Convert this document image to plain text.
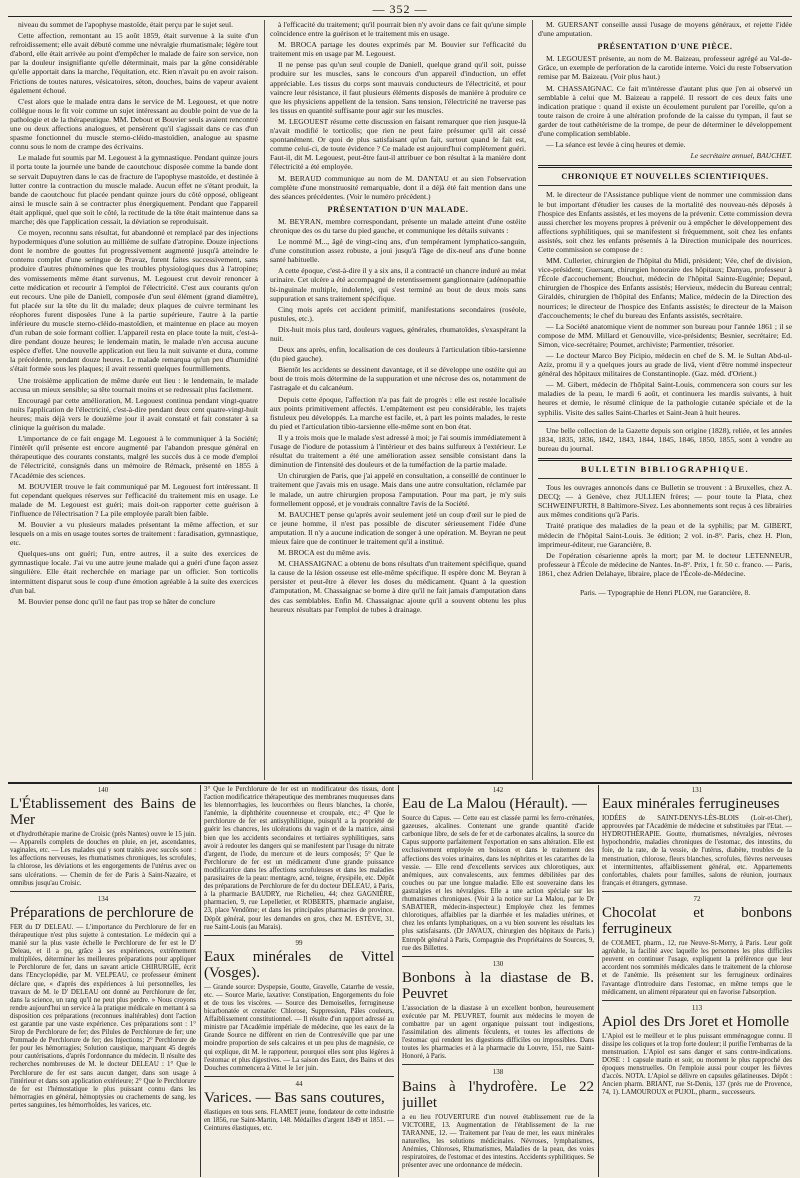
— 352 —

niveau du sommet de l'apophyse mastoïde, était perçu par le sujet seul.

Cette affection, remontant au 15 août 1859, était survenue à la suite d'un refroidissement; elle avait débuté comme une névralgie rhumatismale; légère tout d'abord, elle était arrivée au point d'empêcher le malade de faire son service, non par la douleur insignifiante qu'elle déterminait, mais par la gêne considérable qu'elle apportait dans la marche, l'équitation, etc. Rien n'avait pu en avoir raison. Frictions de toutes natures, vésicatoires, séton, douches, bains de vapeur avaient également échoué.

C'est alors que le malade entra dans le service de M. Legouest, et que notre collègue nous le fit voir comme un sujet intéressant au double point de vue de la pathologie et de la thérapeutique. MM. Debout et Bouvier seuls avaient rencontré une ou deux affections analogues, et pensèrent qu'il s'agissait dans ce cas d'un spasme fonctionnel du muscle sterno-cléido-mastoïdien, analogue au spasme connu sous le nom de crampe des écrivains.

Le malade fut soumis par M. Legouest à la gymnastique. Pendant quinze jours il porta toute la journée une bande de caoutchouc disposée comme la bande dont se servait Dupuytren dans le cas de fracture de l'apophyse mastoïde, et destinée à lutter contre la contraction du muscle malade. Aucun effet ne s'étant produit, la bande de caoutchouc fut placée pendant quinze jours du côté opposé, obligeant ainsi le muscle sain à se contracter plus énergiquement. Pendant que l'appareil était appliqué, quel que soit le côté, la rectitude de la tête était maintenue dans sa marche; dès que l'application cessait, la déviation se reproduisait.

Ce moyen, reconnu sans résultat, fut abandonné et remplacé par des injections hypodermiques d'une solution au millième de sulfate d'atropine. Douze injections dont le nombre de gouttes fut progressivement augmenté jusqu'à atteindre le contenu complet d'une seringue de Pravaz, furent faites successivement, sans produire d'autres phénomènes que les troubles physiologiques dus à l'atropine; des vomissements même étant survenus, M. Legouest crut devoir renoncer à cette médication et recourir à l'emploi de l'électricité. C'est aux courants qu'on eut recours. Une pile de Daniell, composée d'un seul élément (grand diamètre), fut placée sur la tête du lit du malade; deux plaques de cuivre terminant les réophores furent disposées l'une à la partie supérieure, l'autre à la partie inférieure du muscle sterno-cléido-mastoïdien, et maintenue en place au moyen d'un ruban de soie formant collier. L'appareil resta en place toute la nuit, c'est-à-dire pendant douze heures; le lendemain matin, le malade n'en accusa aucune espèce d'effet. Une nouvelle application eut lieu la nuit suivante et dura, comme la précédente, pendant douze heures. Le malade remarqua qu'un peu d'humidité s'était formée sous les plaques; il avait ressenti quelques fourmillements.

Une troisième application de même durée eut lieu : le lendemain, le malade accusa un mieux sensible; sa tête tournait moins et se redressait plus facilement.

Encouragé par cette amélioration, M. Legouest continua pendant vingt-quatre nuits l'application de l'électricité, c'est-à-dire pendant deux cent quatre-vingt-huit heures; mais déjà vers le douzième jour il avait constaté et fait constater à sa clinique la guérison du malade.

L'importance de ce fait engage M. Legouest à le communiquer à la Société; l'intérêt qu'il présente est encore augmenté par l'abandon presque général en thérapeutique des courants constants, malgré les succès dus à ce mode d'emploi de l'électricité, consignés dans un mémoire de Rémack, présenté en 1855 à l'Académie des sciences.

M. BOUVIER trouve le fait communiqué par M. Legouest fort intéressant. Il fut cependant quelques réserves sur l'efficacité du traitement mis en usage. Le malade de M. Legouest est guéri; mais doit-on rapporter cette guérison à l'influence de l'électrisation ? La pile employée paraît bien faible.

M. Bouvier a vu plusieurs malades présentant la même affection, et sur lesquels on a mis en usage toutes sortes de traitement : faradisation, gymnastique, etc.

Quelques-uns ont guéri; l'un, entre autres, il a suite des exercices de gymnastique locale. J'ai vu une autre jeune malade qui a guéri d'une façon assez singulière. Elle était recherchée en mariage par un officier. Son torticolis intermittent disparut sous le coup d'une émotion agréable à la suite des exercices d'un bal.

M. Bouvier pense donc qu'il ne faut pas trop se hâter de conclure

à l'efficacité du traitement; qu'il pourrait bien n'y avoir dans ce fait qu'une simple coïncidence entre la guérison et le traitement mis en usage.

M. BROCA partage les doutes exprimés par M. Bouvier sur l'efficacité du traitement mis en usage par M. Legouest.

Il ne pense pas qu'un seul couple de Daniell, quelque grand qu'il soit, puisse produire sur les muscles, sans le concours d'un appareil d'induction, un effet appréciable. Les tissus du corps sont mauvais conducteurs de l'électricité, et pour vaincre leur résistance, il faut plusieurs éléments disposés de manière à produire ce que les physiciens appellent de la tension. Sans tension, l'électricité ne traverse pas les tissus en quantité suffisante pour agir sur les muscles.

M. LEGOUEST résume cette discussion en faisant remarquer que rien jusque-là n'avait modifié le torticolis; que rien ne peut faire présumer qu'il ait cessé spontanément. Or quoi de plus satisfaisant qu'un fait, surtout quand le fait est, comme celui-ci, de toute évidence ? Ce malade est aujourd'hui complètement guéri. Faut-il, dit M. Legouest, peut-être faut-il attribuer ce bon résultat à la manière dont l'électricité a été employée.

M. BERAUD communique au nom de M. DANTAU et au sien l'observation complète d'une monstruosité remarquable, dont il a déjà été fait mention dans une des séances précédentes. (Voir le numéro précédent.)

PRÉSENTATION D'UN MALADE.

M. BEYRAN, membre correspondant, présente un malade atteint d'une ostéite chronique des os du tarse du pied gauche, et communique les détails suivants :

Le nommé M..., âgé de vingt-cinq ans, d'un tempérament lymphatico-sanguin, d'une constitution assez robuste, a joui jusqu'à l'âge de dix-neuf ans d'une bonne santé habituelle.

A cette époque, c'est-à-dire il y a six ans, il a contracté un chancre induré au méat urinaire. Cet ulcère a été accompagné de retentissement ganglionnaire (adénopathie bi-inguinale multiple, indolente), qui s'est terminé au bout de deux mois sans suppuration et sans traitement spécifique.

Cinq mois après cet accident primitif, manifestations secondaires (roséole, pustules, etc.).

Dix-huit mois plus tard, douleurs vagues, générales, rhumatoïdes, s'exaspérant la nuit.

Deux ans après, enfin, localisation de ces douleurs à l'articulation tibio-tarsienne (du pied gauche).

Bientôt les accidents se dessinent davantage, et il se développe une ostéite qui au bout de trois mois détermine de la suppuration et une nécrose des os, notamment de l'astragale et du calcanéum.

Depuis cette époque, l'affection n'a pas fait de progrès : elle est restée localisée aux points primitivement affectés. L'empâtement est peu considérable, les trajets fistuleux peu développés. La marche est facile, et, à part les points malades, le reste du pied et l'articulation tibio-tarsienne elle-même sont en bon état.

Il y a trois mois que le malade s'est adressé à moi; je l'ai soumis immédiatement à l'usage de l'iodure de potassium à l'intérieur et des bains sulfureux à l'extérieur. Le résultat du traitement a été une amélioration assez sensible consistant dans la diminution de l'intensité des douleurs et de la tuméfaction de la partie malade.

Un chirurgien de Paris, que j'ai appelé en consultation, a conseillé de continuer le traitement que j'avais mis en usage. Mais dans une autre consultation, réclamée par le malade, un autre chirurgien proposa l'amputation. Pour ma part, je m'y suis formellement opposé, et je voudrais connaître l'avis de la Société.

M. BAUCHET pense qu'après avoir seulement jeté un coup d'œil sur le pied de ce jeune homme, il n'est pas possible de discuter sérieusement l'idée d'une amputation. Il n'y a aucune indication de songer à une opération. M. Beyran ne peut mieux faire que de continuer le traitement qu'il a institué.

M. BROCA est du même avis.

M. CHASSAIGNAC a obtenu de bons résultats d'un traitement spécifique, quand la cause de la lésion osseuse est elle-même spécifique. Il espère donc M. Beyran à persister et peut-être à élever les doses du médicament. Quant à la question d'amputation, M. Chassaignac se borne à dire qu'il ne fait jamais d'amputation dans des cas semblables. Enfin M. Chassaignac ajoute qu'il a souvent obtenu les plus heureux résultats par l'emploi de tubes à drainage.

M. GUERSANT conseille aussi l'usage de moyens généraux, et rejette l'idée d'une amputation.

PRÉSENTATION D'UNE PIÈCE.

M. LEGOUEST présente, au nom de M. Baizeau, professeur agrégé au Val-de-Grâce, un exemple de perforation de la carotide interne. Voici du reste l'observation remise par M. Baizeau. (Voir plus haut.)

M. CHASSAIGNAC. Ce fait m'intéresse d'autant plus que j'en ai observé un semblable à celui que M. Baizeau a rappelé. Il ressort de ces deux faits une indication pratique : quand il existe un écoulement purulent par l'oreille, qu'on a toute raison de croire à une altération profonde de la caisse du tympan, il faut se garder de tout cathétérisme de la trompe, de peur de déterminer le développement d'une complication semblable.

— La séance est levée à cinq heures et demie.

Le secrétaire annuel, BAUCHET.
CHRONIQUE ET NOUVELLES SCIENTIFIQUES.

M. le directeur de l'Assistance publique vient de nommer une commission dans le but important d'étudier les causes de la mortalité des nouveau-nés déposés à l'hospice des Enfants assistés, et les moyens de la prévenir. Cette commission devra aussi chercher les moyens propres à prévenir ou à empêcher le développement des affections syphilitiques, qui se manifestent si fréquemment, soit chez les enfants assistés, soit chez les enfants présentés à la Direction municipale des nourrices. Cette commission se compose de :

MM. Cullerier, chirurgien de l'hôpital du Midi, président; Vée, chef de division, vice-président; Guersant, chirurgien honoraire des hôpitaux; Danyau, professeur à l'École d'accouchement; Bouchut, médecin de l'hôpital Sainte-Eugénie; Depaul, chirurgien de l'hospice des Enfants assistés; Hervieux, médecin du Bureau central; Giraldès, chirurgien de l'hôpital des Enfants; Malice, médecin de la Direction des nourrices; le directeur de l'hospice des Enfants assistés; le directeur de la Maison d'accouchements; le chef du bureau des Enfants assistés, secrétaire.

— La Société anatomique vient de nommer son bureau pour l'année 1861 ; il se compose de MM. Millard et Genouville, vice-présidents; Besnier, secrétaire; Ed. Simon, vice-secrétaire; Poumet, archiviste; Parmentier, trésorier.

— Le docteur Marco Bey Picipio, médecin en chef de S. M. le Sultan Abd-ul-Aziz, promu il y a quelques jours au grade de livâ, vient d'être nommé inspecteur général des hôpitaux militaires de Constantinople. (Gaz. méd. d'Orient.)

— M. Gibert, médecin de l'hôpital Saint-Louis, commencera son cours sur les maladies de la peau, le mardi 6 août, et continuera les mardis suivants, à huit heures et demie, le résumé clinique de la pathologie cutanée spéciale et de la syphilis. Visite des salles Saint-Charles et Saint-Jean à huit heures.

Une belle collection de la Gazette depuis son origine (1828), reliée, et les années 1834, 1835, 1836, 1842, 1843, 1844, 1845, 1846, 1850, 1855, sont à vendre au bureau du journal.

BULLETIN BIBLIOGRAPHIQUE.

Tous les ouvrages annoncés dans ce Bulletin se trouvent : à Bruxelles, chez A. DECQ; — à Genève, chez JULLIEN frères; — pour toute la Plata, chez SCHWEINFURTH, 8 Baltimore-Sivez. Les abonnements sont reçus à ces librairies aux mêmes conditions qu'à Paris.

Traité pratique des maladies de la peau et de la syphilis; par M. GIBERT, médecin de l'hôpital Saint-Louis. 3e édition; 2 vol. in-8°. Paris, chez H. Plon, imprimeur-éditeur, rue Garancière, 8.

De l'opération césarienne après la mort; par M. le docteur LETENNEUR, professeur à l'École de médecine de Nantes. In-8°. Prix, 1 fr. 50 c. franco. — Paris, 1861, chez Adrien Delahaye, libraire, place de l'École-de-Médecine.

Paris. — Typographie de Henri PLON, rue Garancière, 8.
140
L'Établissement des Bains de Mer

et d'hydrothérapie marine de Croisic (près Nantes) ouvre le 15 juin. — Appareils complets de douches en pluie, en jet, ascendantes, vaginales, etc. — Les malades qui y sont traités avec succès sont : les affections nerveuses, les rhumatismes chroniques, les scrofules, la chlorose, les déviations et les engorgements de l'utérus avec ou sans ulcérations. — Chemin de fer de Paris à Saint-Nazaire, et omnibus jusqu'au Croisic.

134
Préparations de perchlorure de

FER du D' DELEAU. — L'importance du Perchlorure de fer en thérapeutique n'est plus sujette à contestation. Le médecin qui a manié sur la plus vaste échelle le Perchlorure de fer est le D' Deleau, et il a pu, grâce à ses expériences, extrêmement multipliées, déterminer les meilleures préparations pour appliquer le Perchlorure de fer, dans un savant article CHIRURGIE, écrit dans l'Encyclopédie, par M. VELPEAU, ce professeur éminent déclare que, « d'après des expériences à lui personnelles, les travaux de M. le D' DELEAU ont donné au Perchlorure de fer, dans la science, un rang qu'il ne peut plus perdre. » Nous croyons rendre aujourd'hui un service à la pratique médicale en mettant à sa disposition ces préparations (reconnues inaltérables) dont l'action est garantie par une vaste expérience. Ces préparations sont : 1° Sirop de Perchlorure de fer; des Pilules de Perchlorure de fer; une Pommade de Perchlorure de fer; des Injections; 2° Perchlorure de fer pour les hémorragies; Solution caustique, marquant 45 degrés pour cautérisations, d'après l'ordonnance du médecin. Il résulte des recherches nombreuses de M. le docteur DELEAU : 1° Que le Perchlorure de fer est sans aucun danger, dans son usage à l'intérieur et dans son application extérieure; 2° Que le Perchlorure de fer est l'hémostatique le plus puissant connu dans les hémorragies en général, hémoptysies ou crachements de sang, les pertes sanguines, les hémorrhoïdes, les varices, etc.

3° Que le Perchlorure de fer est un modificateur des tissus, dont l'action modificatrice thérapeutique des membranes muqueuses dans les blennorrhagies, les leucorrhées ou fleurs blanches, la chorée, l'anémie, la diphthérite couenneuse et croupale, etc.; 4° Que le perchlorure de fer est antisyphilitique, puisqu'il a la propriété de guérir les chancres, les ulcérations du vagin et de la matrice, ainsi bien que les accidents secondaires et tertiaires syphilitiques, sans avoir à redouter les dangers qui se manifestent par l'usage du nitrate d'argent, de l'iode, du mercure et de leurs composés; 5° Que le Perchlorure de fer est un médicament d'une grande puissance modificatrice dans les affections scrofuleuses et dans les maladies parasitaires de la peau: mentagre, acné, teigne, érysipèle, etc. Dépôt des préparations de Perchlorure de fer du docteur DELEAU, à Paris, à la pharmacie BAUDRY, rue Richelieu, 44; chez GAGNIÈRE, pharmacien, 9, rue Lepelletier, et ROBERTS, pharmacie anglaise, 23, place Vendôme; et dans les principales pharmacies de province. Dépôt général, pour les demandes en gros, chez M. ESTÈVE, 31, rue Saint-Louis (au Marais).

99
Eaux minérales de Vittel (Vosges).

— Grande source: Dyspepsie, Goutte, Gravelle, Catarrhe de vessie, etc. — Source Marie, laxative: Constipation, Engorgements du foie et de tous les viscères. — Source des Demoiselles, ferrugineuse bicarbonatée et crenatée: Chlorose, Suppression, Pâles couleurs, Affaiblissement constitutionnel. — Il résulte d'un rapport adressé au ministre par l'Académie impériale de médecine, que les eaux de la Grande Source ne diffèrent en rien de Contrexéville que par une moindre proportion de sels calcaires et un peu plus de magnésie, ce qui explique, dit M. le rapporteur, pourquoi elles sont plus légères à l'estomac et plus digestives. — La saison des Eaux, des Bains et des Douches commencera à Vittel le 1er juin.

44
Varices. — Bas sans coutures,

élastiques en tous sens. FLAMET jeune, fondateur de cette industrie en 1856, rue Saint-Martin, 148. Médailles d'argent 1849 et 1851. — Ceintures élastiques, etc.

142
Eau de La Malou (Hérault). —

Source du Capus. — Cette eau est classée parmi les ferro-crénatées, gazeuses, alcalines. Contenant une grande quantité d'acide carbonique libre, de sels de fer et de carbonates alcalins, la source du Capus supporte parfaitement l'exportation en sans altération. Elle est exclusivement employée en boisson et dans le traitement des affections des voies urinaires, dans les néphrites et les catarrhes de la vessie. — Elle rend d'excellents services aux chlorotiques, aux anémiques, aux convalescents, aux femmes débilitées par des couches ou par une longue maladie. Elle est souveraine dans les gastralgies et les névralgies. Elle a une action spéciale sur les rhumatismes chroniques. (Voir à la notice sur La Malou, par le Dr SABATIER, médecin-inspecteur.) Employée chez les femmes chlorotiques, affaiblies par la diarrhée et les maladies utérines, et chez les enfants lymphatiques, on a vu bien souvent les résultats les plus satisfaisants. (Dr JAVAUX, chirurgien des hôpitaux de Paris.) Entrepôt général à Paris, Compagnie des Propriétaires de Sources, 9, rue des Billettes.

130
Bonbons à la diastase de B. Peuvret

L'association de la diastase à un excellent bonbon, heureusement exécutée par M. PEUVRET, fournit aux médecins le moyen de combattre par un agent organique puissant tout indigestions, l'assimilation des aliments féculents, et toutes les affections de l'estomac qui rendent les digestions difficiles ou impossibles. Dans toutes les pharmacies et à la pharmacie du Louvre, 151, rue Saint-Honoré, à Paris.

138
Bains à l'hydrofère. Le 22 juillet

a eu lieu l'OUVERTURE d'un nouvel établissement rue de la VICTOIRE, 13. Augmentation de l'établissement de la rue TARANNE, 12. — Traitement par l'eau de mer, les eaux minérales naturelles, les solutions médicinales. Névroses, lymphatismes, Anémies, Chloroses, Rhumatismes, Maladies de la peau, des voies respiratoires, de l'estomac et des intestins. Accidents syphilitiques. Se présenter avec une ordonnance de médecin.

131
Eaux minérales ferrugineuses

IODÉES de SAINT-DENYS-LÈS-BLOIS (Loir-et-Cher), approuvées par l'Académie de médecine et substituées par l'Etat. — HYDROTHÉRAPIE. Goutte, rhumatismes, névralgies, névroses hypochondrie, maladies chroniques de l'estomac, des intestins, du foie, de la rate, de la vessie, de l'utérus, diabète, troubles de la menstruation, chlorose, fleurs blanches, scrofules, fièvres nerveuses et intermittentes, affaiblissement général, etc. Appartements confortables, chalets pour familles, salons de réunion, journaux français et étrangers, gymnase.

72
Chocolat et bonbons ferrugineux

de COLMET, pharm., 12, rue Neuve-St-Merry, à Paris. Leur goût agréable, la facilité avec laquelle les personnes les plus difficiles peuvent en continuer l'usage, expliquent la préférence que leur accordent nos sommités médicales dans le traitement de la chlorose et de l'anémie. Ils présentent sur les ferrugineux ordinaires l'avantage d'introduire dans l'estomac, en même temps que le médicament, un aliment réparateur qui en favorise l'absorption.

113
Apiol des Drs Joret et Homolle

L'Apiol est le meilleur et le plus puissant emménagogue connu. Il dissipe les coliques et la trop forte douleur; il purifie l'embarras de la menstruation. L'Apiol est sans danger et sans contre-indications. DOSE : 1 capsule matin et soir, ou moment le plus rapproché des époques menstruelles. On l'emploie aussi pour couper les fièvres d'accès. NOTA. L'Apiol se délivre en capsules gélatineuses. Dépôt : Ancien pharm. BRIANT, rue St-Denis, 137 (prés rue de Provence, 74, 1). LAMOUROUX et PUJOL, pharm., successeurs.
